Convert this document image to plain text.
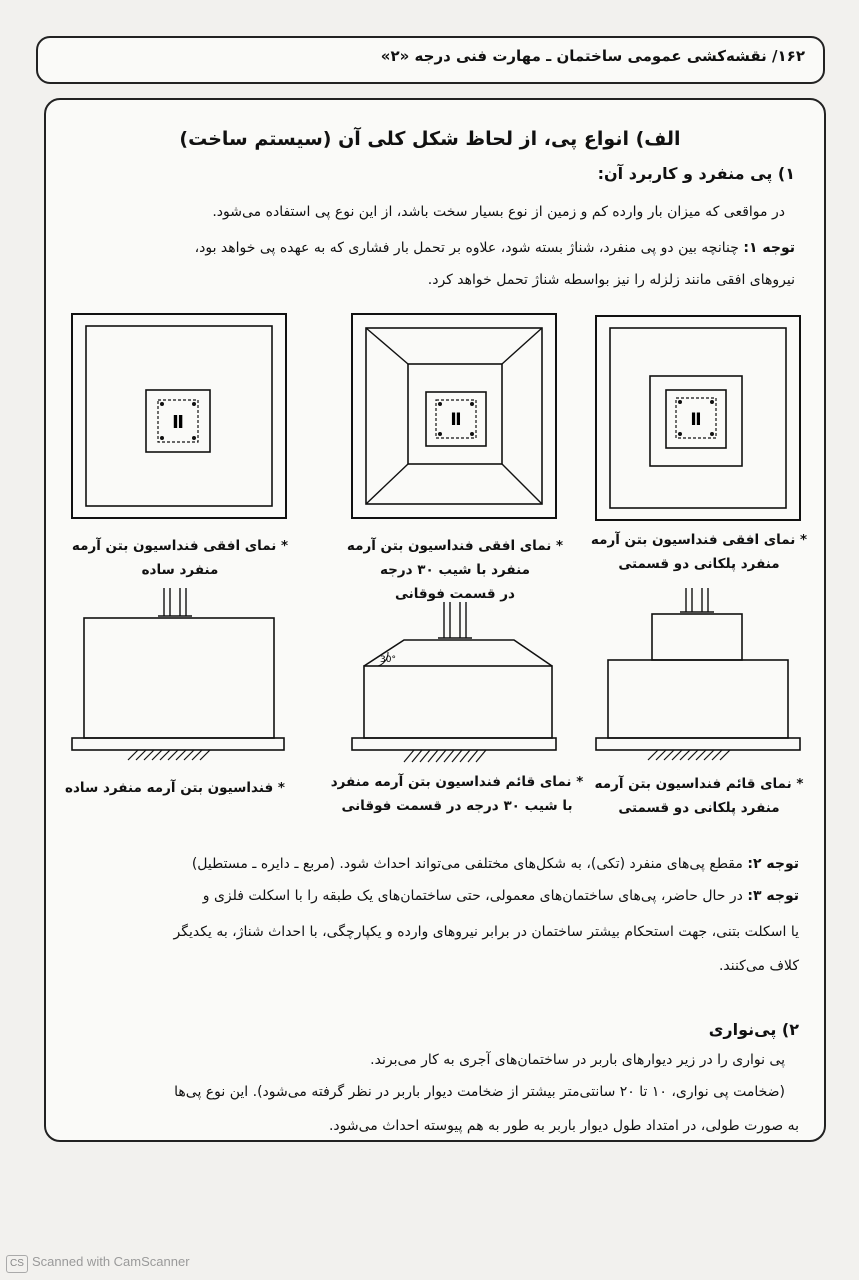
۱۶۲/ نقشه‌کشی عمومی ساختمان ـ مهارت فنی درجه «۲»
الف) انواع پی، از لحاظ شکل کلی آن (سیستم ساخت)
۱) پی منفرد و کاربرد آن:
در مواقعی که میزان بار وارده کم و زمین از نوع بسیار سخت باشد، از این نوع پی استفاده می‌شود.
توجه ۱: چنانچه بین دو پی منفرد، شناژ بسته شود، علاوه بر تحمل بار فشاری که به عهده پی خواهد بود،
نیروهای افقی مانند زلزله را نیز بواسطه شناژ تحمل خواهد کرد.
Ⅱ	Ⅱ	Ⅱ
* نمای افقی فنداسیون بتن آرمه
منفرد ساده
* نمای افقی فنداسیون بتن آرمه
منفرد با شیب ۳۰ درجه
در قسمت فوقانی
* نمای افقی فنداسیون بتن آرمه
منفرد پلکانی دو قسمتی
30°
* فنداسیون بتن آرمه منفرد ساده	* نمای قائم فنداسیون بتن آرمه منفرد
با شیب ۳۰ درجه در قسمت فوقانی
* نمای قائم فنداسیون بتن آرمه
منفرد پلکانی دو قسمتی
توجه ۲: مقطع پی‌های منفرد (تکی)، به شکل‌های مختلفی می‌تواند احداث شود. (مربع ـ دایره ـ مستطیل)
توجه ۳: در حال حاضر، پی‌های ساختمان‌های معمولی، حتی ساختمان‌های یک طبقه را با اسکلت فلزی و
یا اسکلت بتنی، جهت استحکام بیشتر ساختمان در برابر نیروهای وارده و یکپارچگی، با احداث شناژ، به یکدیگر
کلاف می‌کنند.
۲) پی‌نواری
پی نواری را در زیر دیوارهای باربر در ساختمان‌های آجری به کار می‌برند.
(ضخامت پی نواری، ۱۰ تا ۲۰ سانتی‌متر بیشتر از ضخامت دیوار باربر در نظر گرفته می‌شود). این نوع پی‌ها
به صورت طولی، در امتداد طول دیوار باربر به طور به هم پیوسته احداث می‌شود.
CS Scanned with CamScanner
